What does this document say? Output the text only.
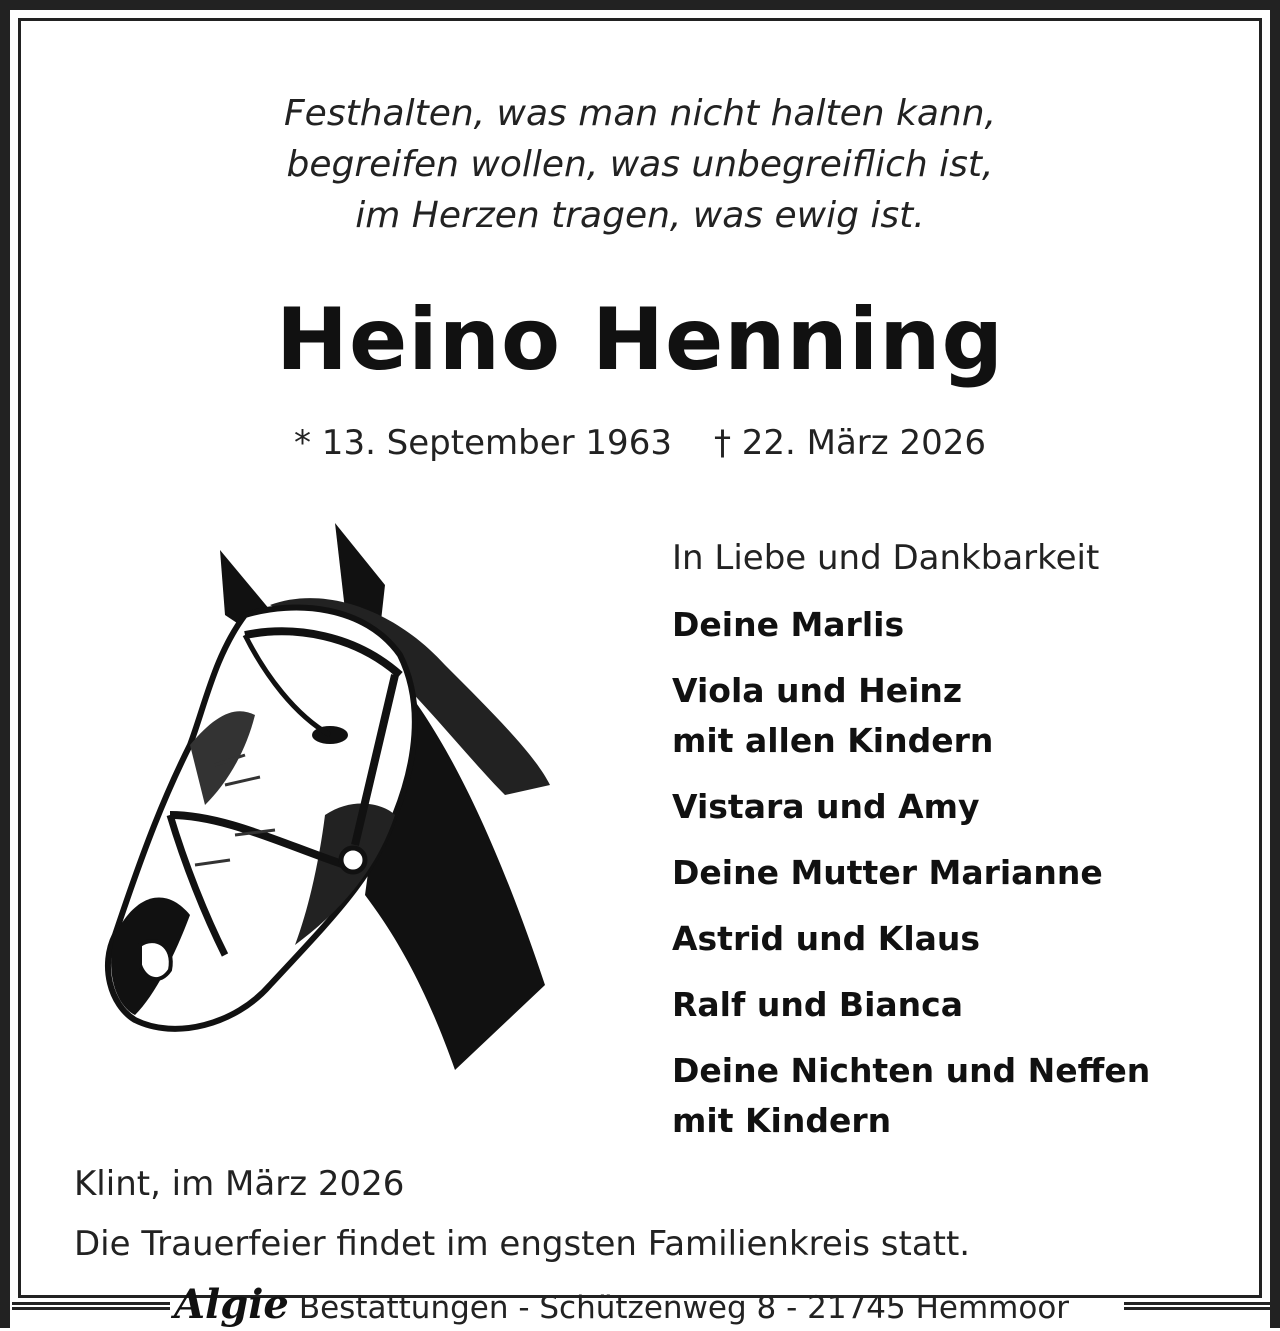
Festhalten, was man nicht halten kann,
begreifen wollen, was unbegreiflich ist,
im Herzen tragen, was ewig ist.
Heino Henning
* 13. September 1963 † 22. März 2026
In Liebe und Dankbarkeit
Deine Marlis
Viola und Heinz
mit allen Kindern
Vistara und Amy
Deine Mutter Marianne
Astrid und Klaus
Ralf und Bianca
Deine Nichten und Neffen
mit Kindern
Klint, im März 2026
Die Trauerfeier findet im engsten Familienkreis statt.
Algie Bestattungen - Schützenweg 8 - 21745 Hemmoor
